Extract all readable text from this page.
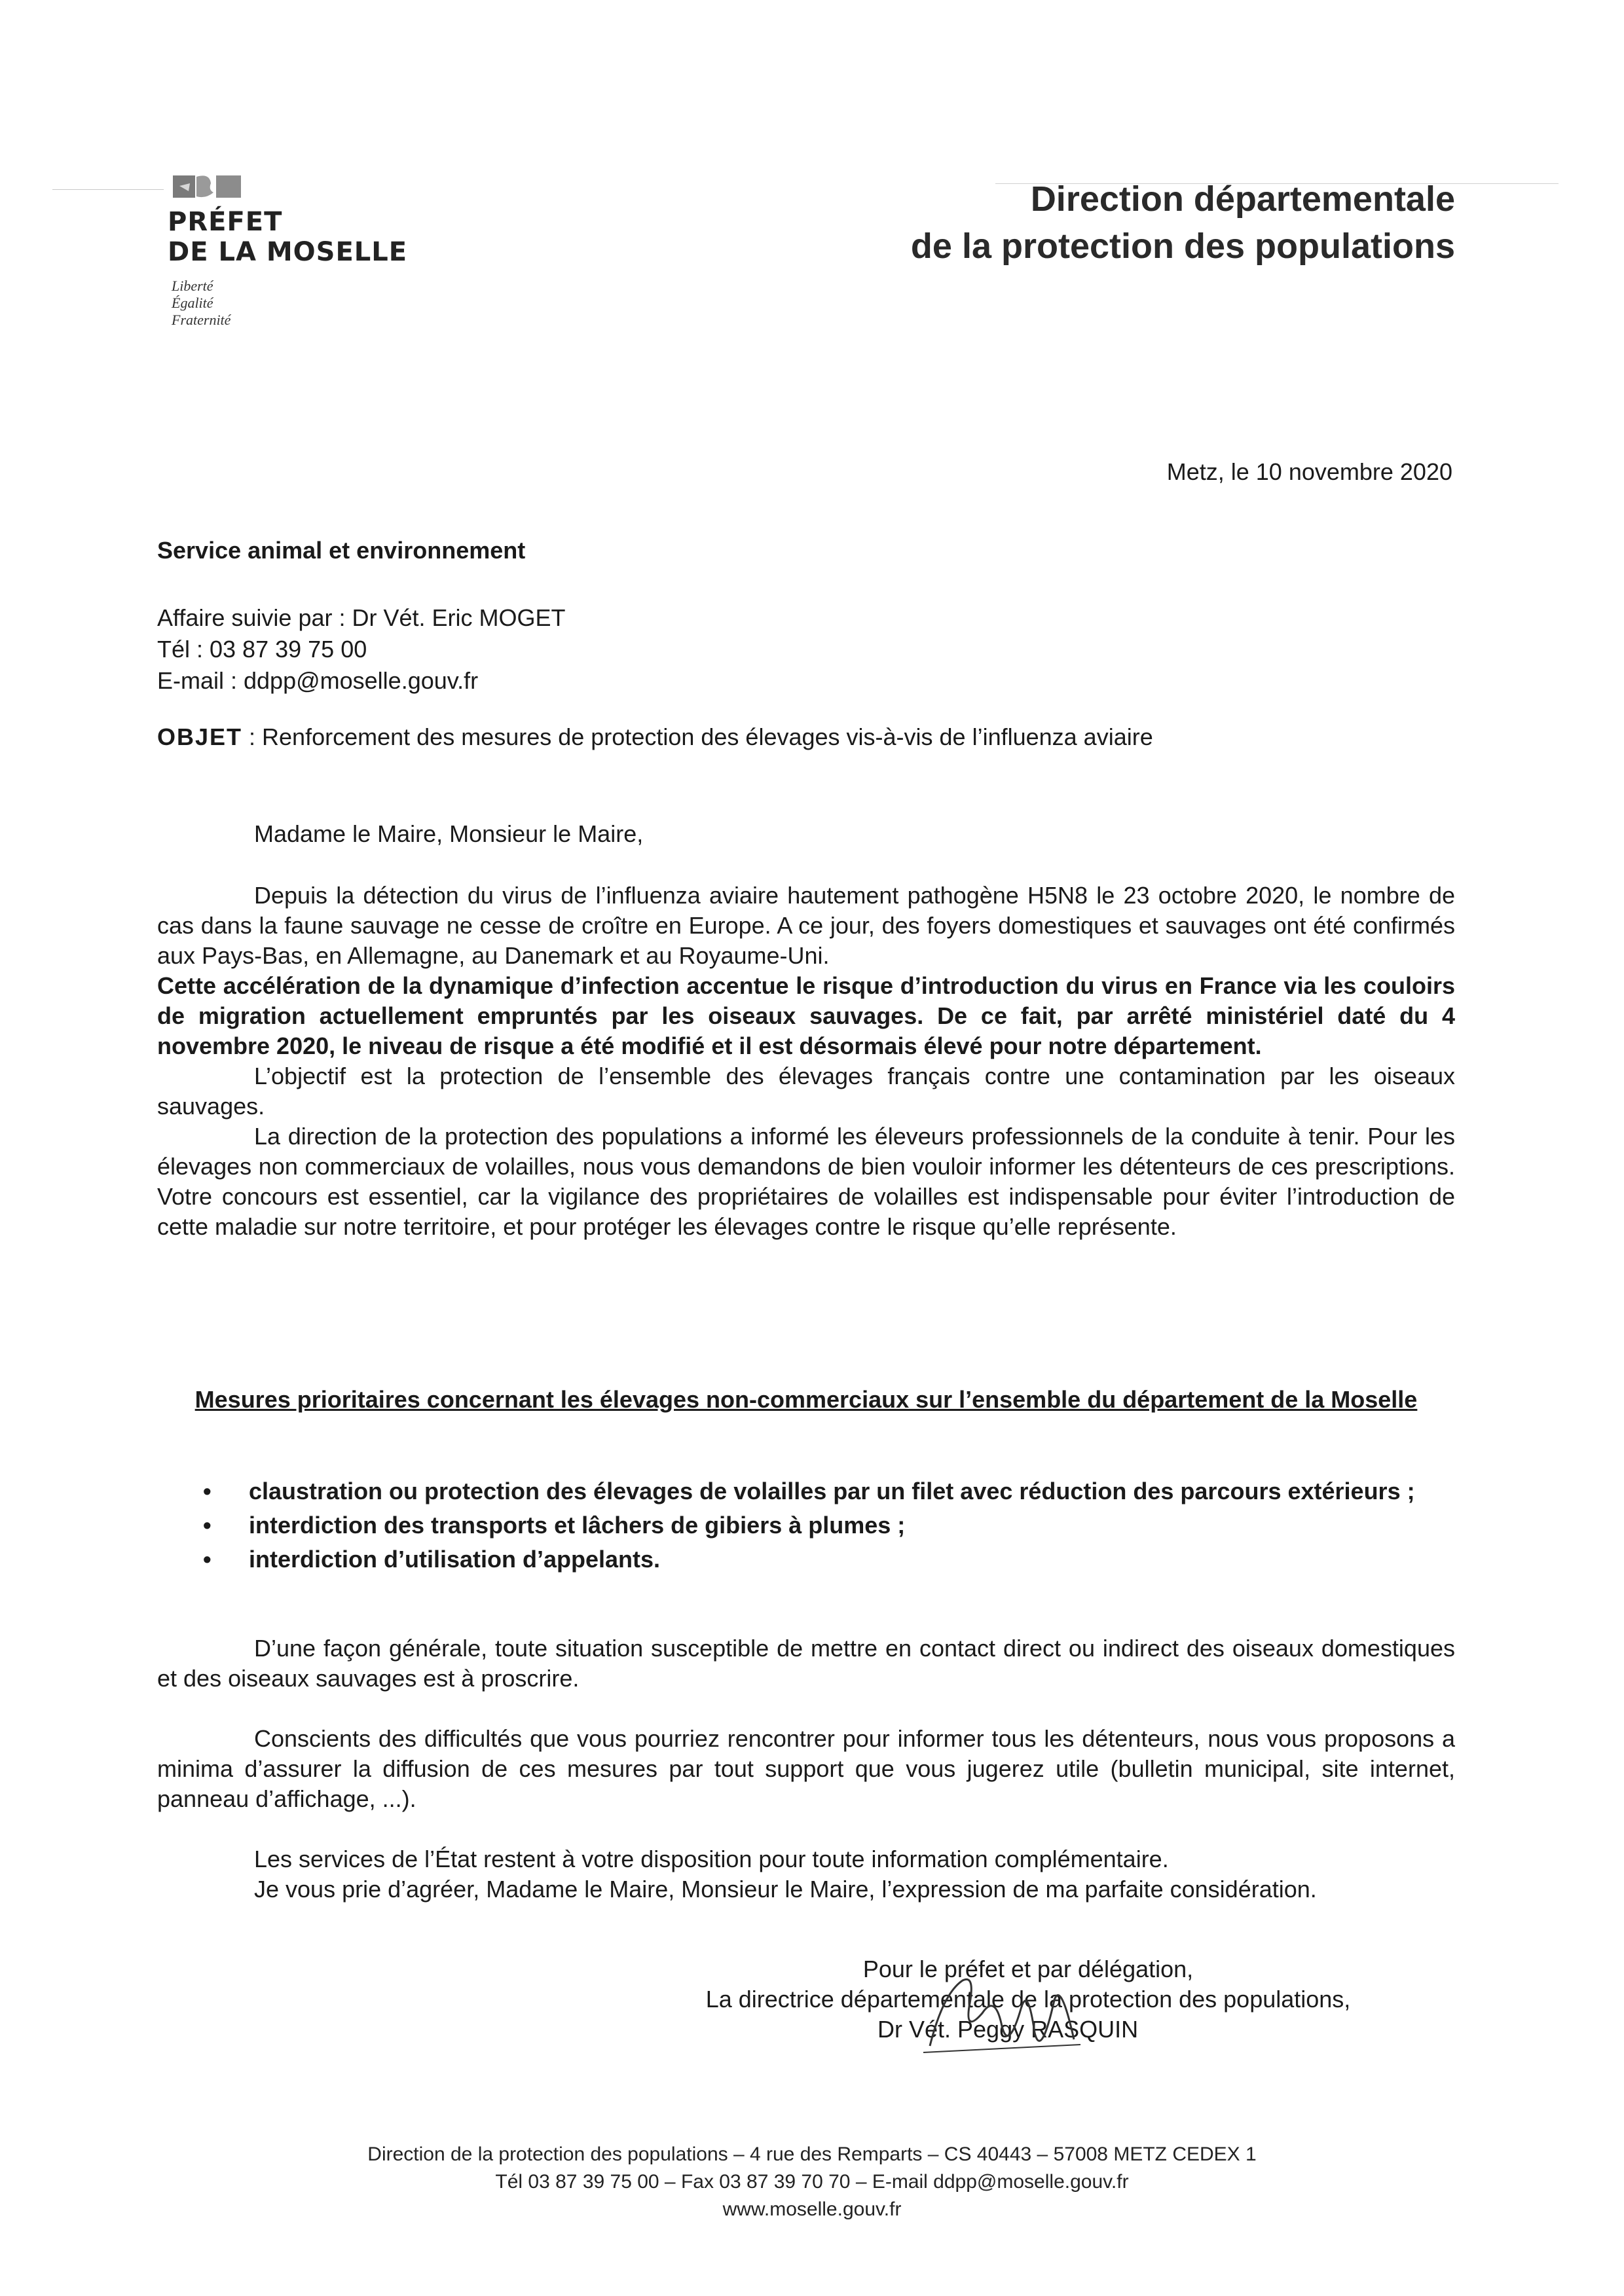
PRÉFET
DE LA MOSELLE
Liberté
Égalité
Fraternité
Direction départementale
de la protection des populations
Metz, le 10 novembre 2020
Service animal et environnement
Affaire suivie par : Dr Vét. Eric MOGET
Tél : 03 87 39 75 00
E-mail : ddpp@moselle.gouv.fr
OBJET : Renforcement des mesures de protection des élevages vis-à-vis de l’influenza aviaire
Madame le Maire, Monsieur le Maire,

Depuis la détection du virus de l’influenza aviaire hautement pathogène H5N8 le 23 octobre 2020, le nombre de cas dans la faune sauvage ne cesse de croître en Europe. A ce jour, des foyers domestiques et sauvages ont été confirmés aux Pays-Bas, en Allemagne, au Danemark et au Royaume-Uni.

Cette accélération de la dynamique d’infection accentue le risque d’introduction du virus en France via les couloirs de migration actuellement empruntés par les oiseaux sauvages. De ce fait, par arrêté ministériel daté du 4 novembre 2020, le niveau de risque a été modifié et il est désormais élevé pour notre département.

L’objectif est la protection de l’ensemble des élevages français contre une contamination par les oiseaux sauvages.

La direction de la protection des populations a informé les éleveurs professionnels de la conduite à tenir. Pour les élevages non commerciaux de volailles, nous vous demandons de bien vouloir informer les détenteurs de ces prescriptions. Votre concours est essentiel, car la vigilance des propriétaires de volailles est indispensable pour éviter l’introduction de cette maladie sur notre territoire, et pour protéger les élevages contre le risque qu’elle représente.

Mesures prioritaires concernant les élevages non-commerciaux sur l’ensemble du département de la Moselle
• claustration ou protection des élevages de volailles par un filet avec réduction des parcours extérieurs ;
• interdiction des transports et lâchers de gibiers à plumes ;
• interdiction d’utilisation d’appelants.

D’une façon générale, toute situation susceptible de mettre en contact direct ou indirect des oiseaux domestiques et des oiseaux sauvages est à proscrire.

Conscients des difficultés que vous pourriez rencontrer pour informer tous les détenteurs, nous vous proposons a minima d’assurer la diffusion de ces mesures par tout support que vous jugerez utile (bulletin municipal, site internet, panneau d’affichage, ...).

Les services de l’État restent à votre disposition pour toute information complémentaire.

Je vous prie d’agréer, Madame le Maire, Monsieur le Maire, l’expression de ma parfaite considération.

Pour le préfet et par délégation,
La directrice départementale de la protection des populations,
Dr Vét. Peggy RASQUIN
Direction de la protection des populations – 4 rue des Remparts – CS 40443 – 57008 METZ CEDEX 1
Tél 03 87 39 75 00 – Fax 03 87 39 70 70 – E-mail ddpp@moselle.gouv.fr
www.moselle.gouv.fr
